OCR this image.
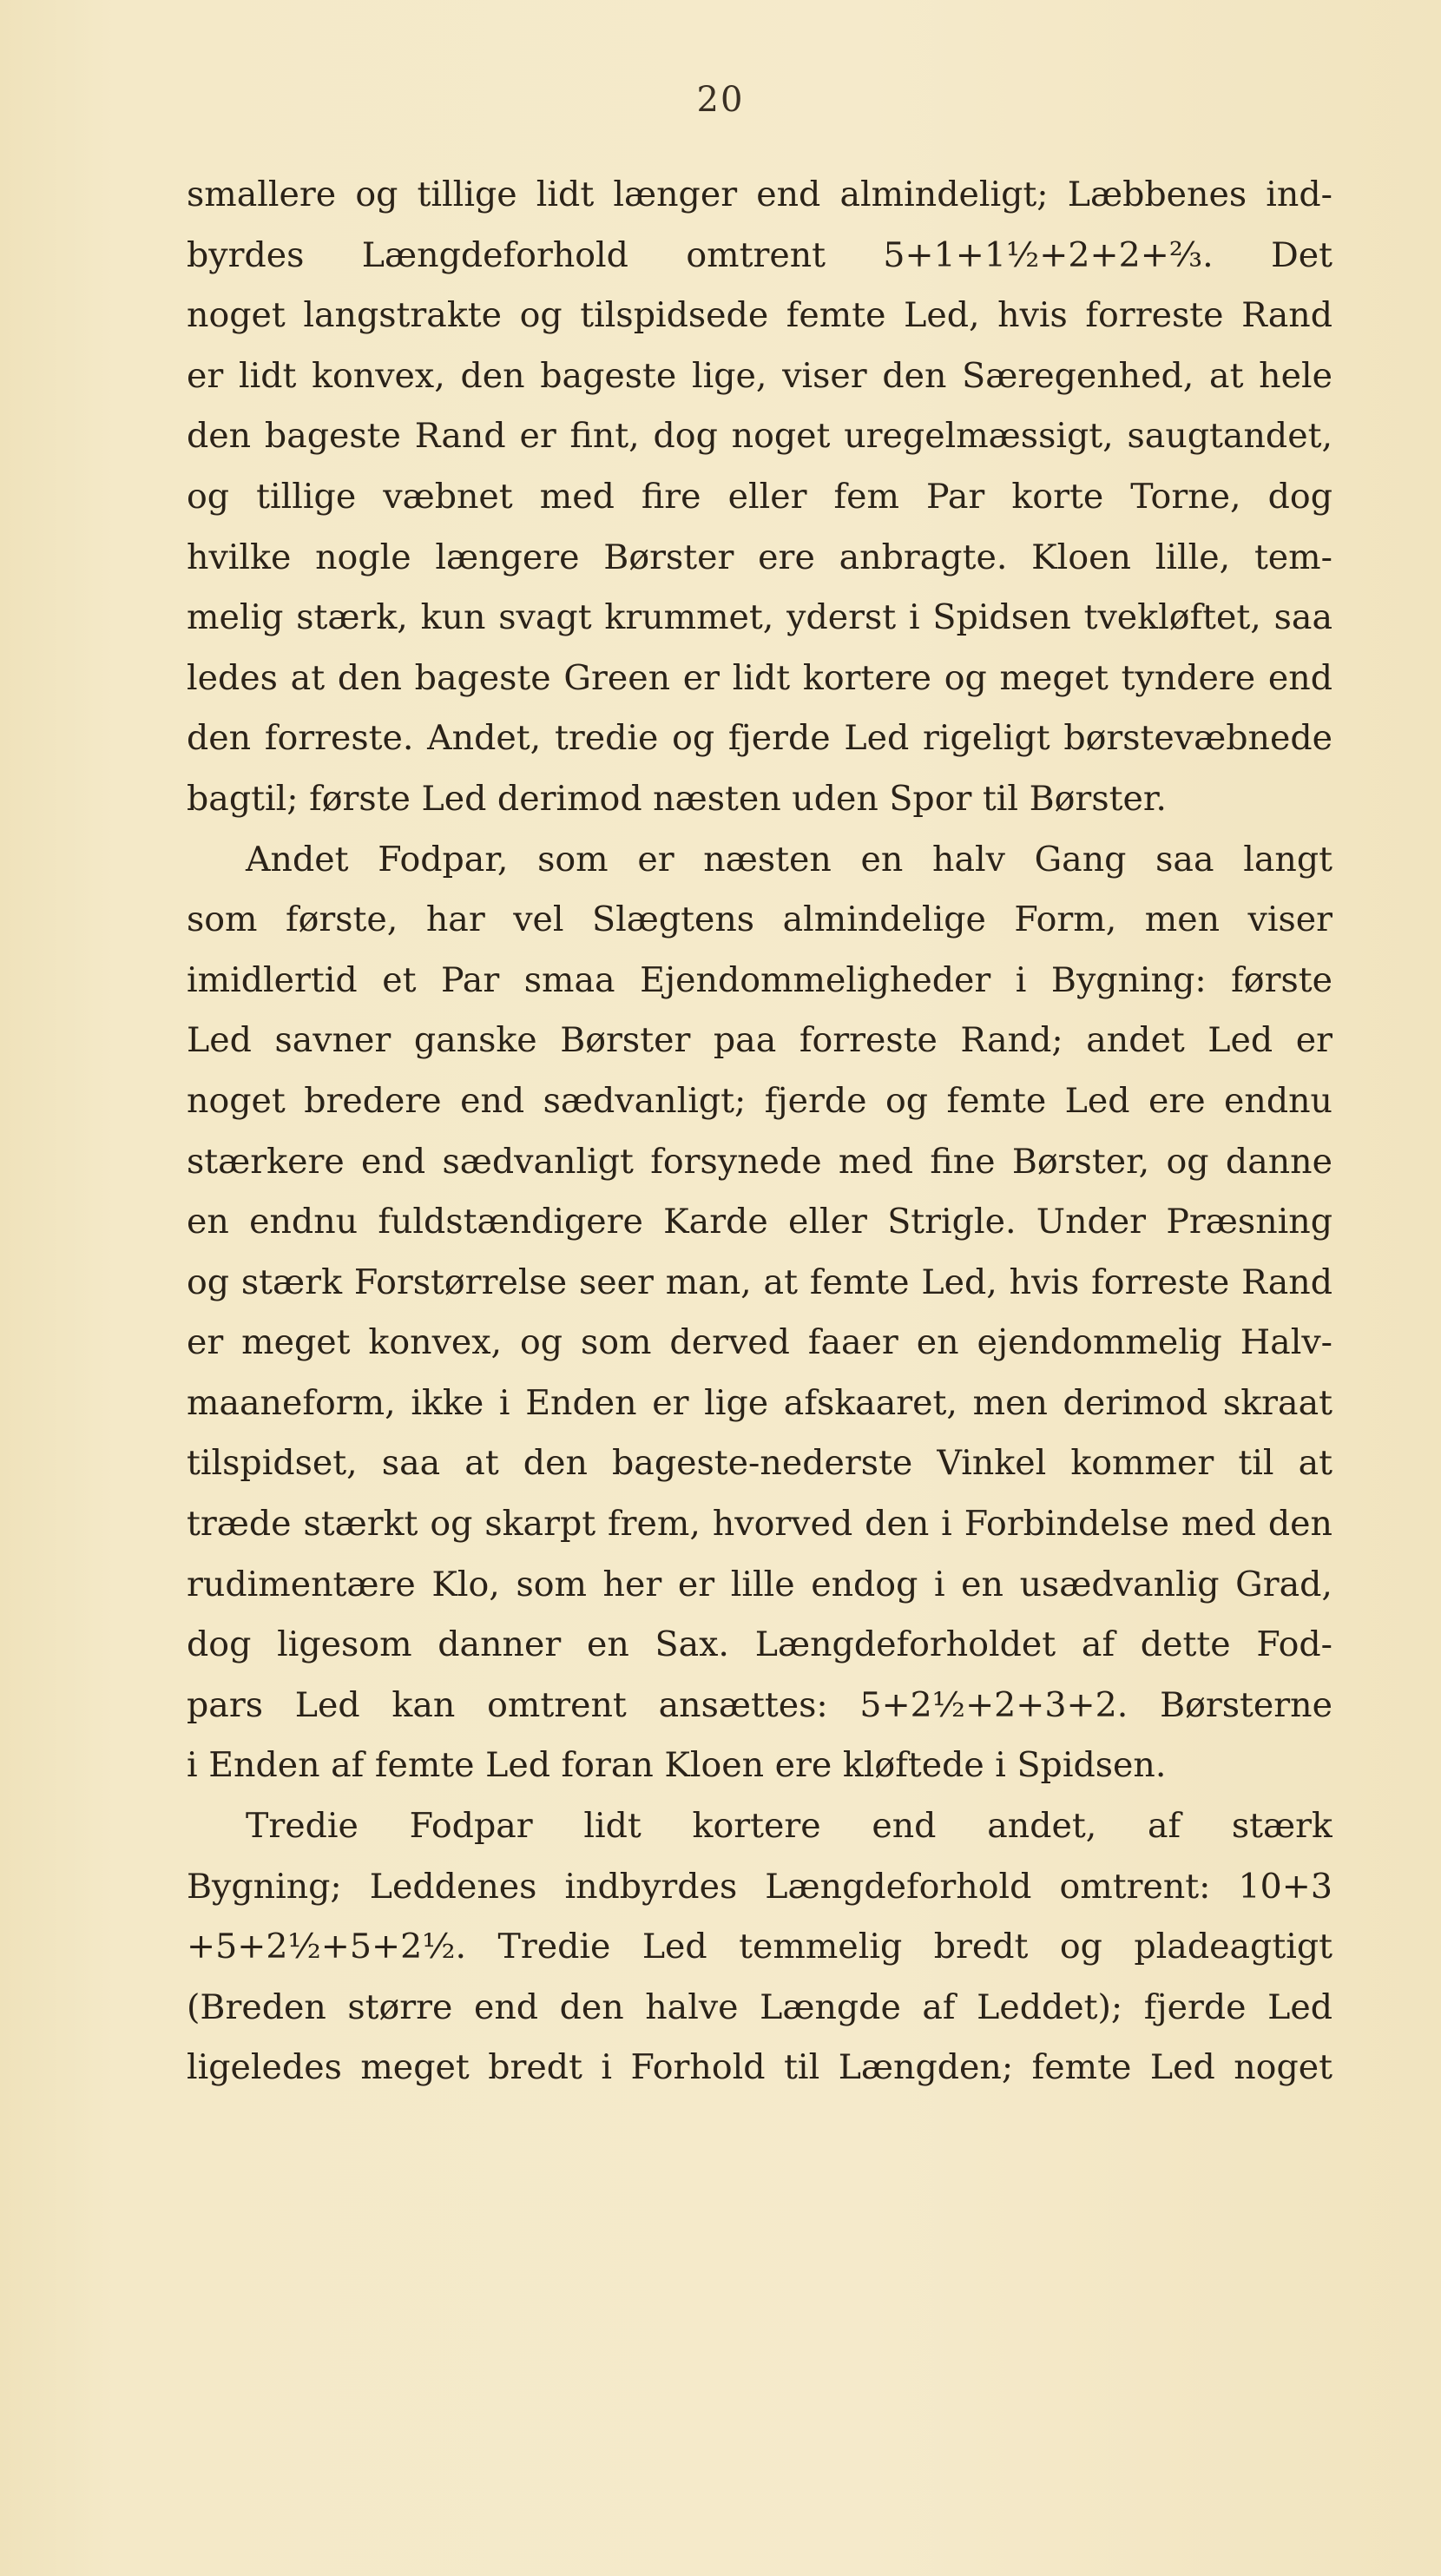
20
smallere og tillige lidt længer end almindeligt; Læbbenes ind-
byrdes Længdeforhold omtrent 5+1+1½+2+2+⅔. Det
noget langstrakte og tilspidsede femte Led, hvis forreste Rand
er lidt konvex, den bageste lige, viser den Særegenhed, at hele
den bageste Rand er fint, dog noget uregelmæssigt, saugtandet,
og tillige væbnet med fire eller fem Par korte Torne, dog
hvilke nogle længere Børster ere anbragte. Kloen lille, tem-
melig stærk, kun svagt krummet, yderst i Spidsen tvekløftet, saa
ledes at den bageste Green er lidt kortere og meget tyndere end
den forreste. Andet, tredie og fjerde Led rigeligt børstevæbnede
bagtil; første Led derimod næsten uden Spor til Børster.
Andet Fodpar, som er næsten en halv Gang saa langt
som første, har vel Slægtens almindelige Form, men viser
imidlertid et Par smaa Ejendommeligheder i Bygning: første
Led savner ganske Børster paa forreste Rand; andet Led er
noget bredere end sædvanligt; fjerde og femte Led ere endnu
stærkere end sædvanligt forsynede med fine Børster, og danne
en endnu fuldstændigere Karde eller Strigle. Under Præsning
og stærk Forstørrelse seer man, at femte Led, hvis forreste Rand
er meget konvex, og som derved faaer en ejendommelig Halv-
maaneform, ikke i Enden er lige afskaaret, men derimod skraat
tilspidset, saa at den bageste-nederste Vinkel kommer til at
træde stærkt og skarpt frem, hvorved den i Forbindelse med den
rudimentære Klo, som her er lille endog i en usædvanlig Grad,
dog ligesom danner en Sax. Længdeforholdet af dette Fod-
pars Led kan omtrent ansættes: 5+2½+2+3+2. Børsterne
i Enden af femte Led foran Kloen ere kløftede i Spidsen.
Tredie Fodpar lidt kortere end andet, af stærk
Bygning; Leddenes indbyrdes Længdeforhold omtrent: 10+3
+5+2½+5+2½. Tredie Led temmelig bredt og pladeagtigt
(Breden større end den halve Længde af Leddet); fjerde Led
ligeledes meget bredt i Forhold til Længden; femte Led noget
